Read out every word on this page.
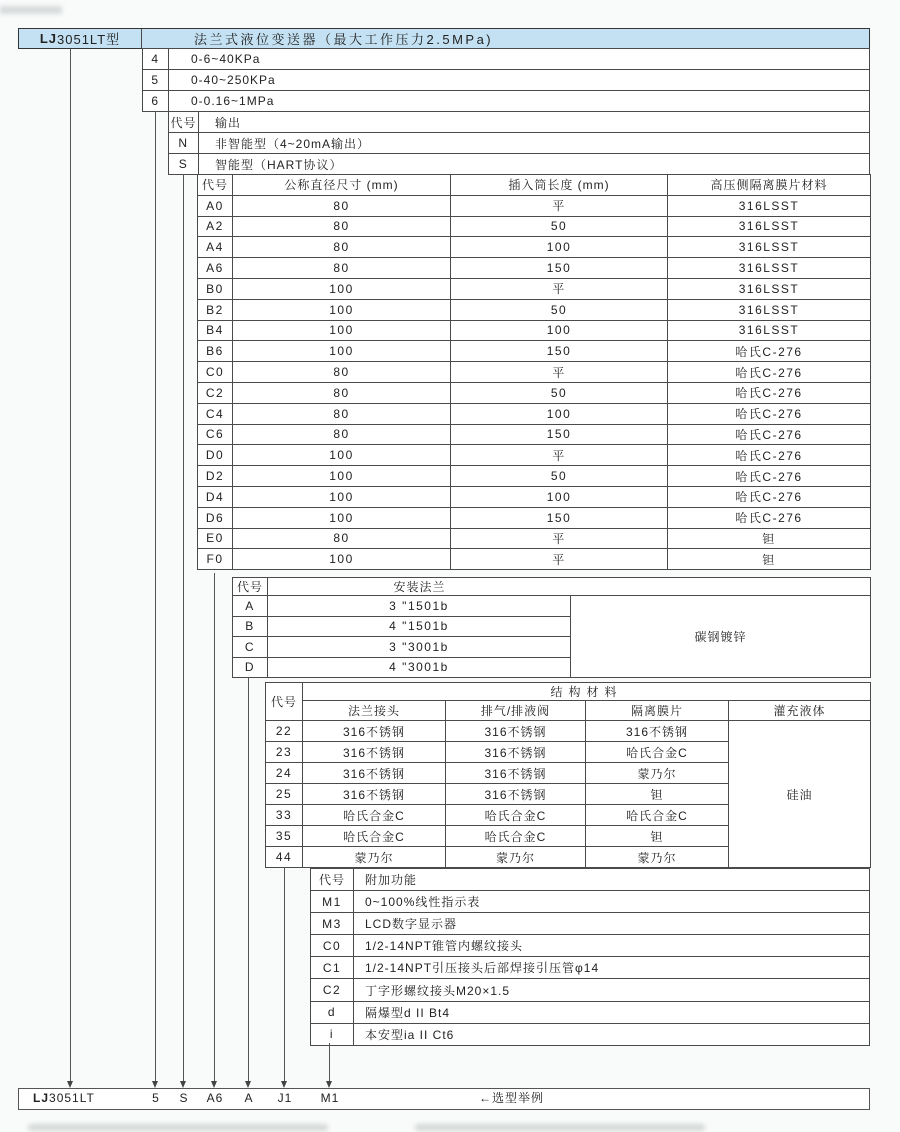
LJ 3051LT型	法兰式液位变送器（最大工作压力2.5MPa)
4	0-6~40KPa
5	0-40~250KPa
6	0-0.16~1MPa
代号	输出
N	非智能型（4~20mA输出）
S	智能型（HART协议）
代号	公称直径尺寸 (mm)	插入筒长度 (mm)	高压侧隔离膜片材料
A0	80	平	316LSST
A2	80	50	316LSST
A4	80	100	316LSST
A6	80	150	316LSST
B0	100	平	316LSST
B2	100	50	316LSST
B4	100	100	316LSST
B6	100	150	哈氏C-276
C0	80	平	哈氏C-276
C2	80	50	哈氏C-276
C4	80	100	哈氏C-276
C6	80	150	哈氏C-276
D0	100	平	哈氏C-276
D2	100	50	哈氏C-276
D4	100	100	哈氏C-276
D6	100	150	哈氏C-276
E0	80	平	钽
F0	100	平	钽
代号	安装法兰	
A	3 "1501b	碳钢镀锌
B	4 "1501b	
C	3 "3001b	
D	4 "3001b	
代号	结构材料			
	法兰接头	排气/排液阀	隔离膜片	灌充液体
22	316不锈钢	316不锈钢	316不锈钢	硅油
23	316不锈钢	316不锈钢	哈氏合金C	
24	316不锈钢	316不锈钢	蒙乃尔	
25	316不锈钢	316不锈钢	钽	
33	哈氏合金C	哈氏合金C	哈氏合金C	
35	哈氏合金C	哈氏合金C	钽	
44	蒙乃尔	蒙乃尔	蒙乃尔	
代号	附加功能
M1	0~100%线性指示表
M3	LCD数字显示器
C0	1/2-14NPT锥管内螺纹接头
C1	1/2-14NPT引压接头后部焊接引压管φ14
C2	丁字形螺纹接头M20×1.5
d	隔爆型d II Bt4
i	本安型ia II Ct6
LJ 3051LT	5 S A6 A J1 M1	←选型举例
